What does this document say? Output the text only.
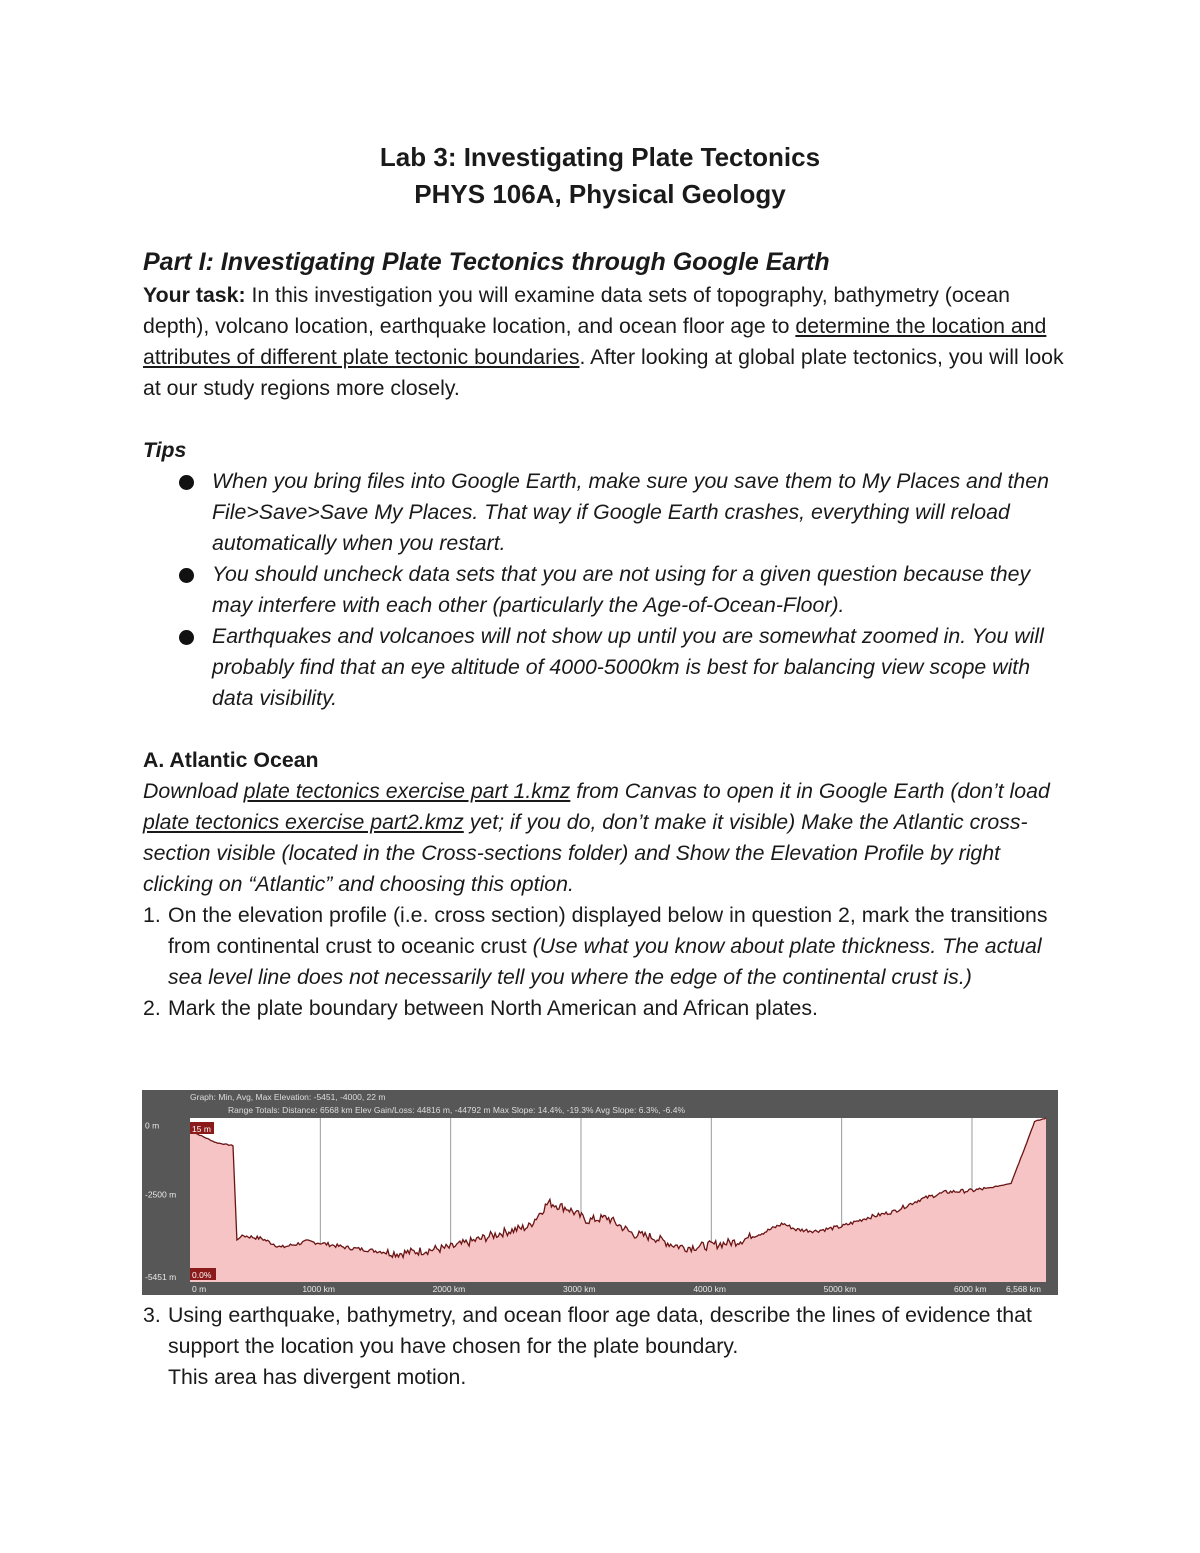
Lab 3: Investigating Plate Tectonics
PHYS 106A, Physical Geology

Part I: Investigating Plate Tectonics through Google Earth

Your task: In this investigation you will examine data sets of topography, bathymetry (ocean depth), volcano location, earthquake location, and ocean floor age to determine the location and attributes of different plate tectonic boundaries. After looking at global plate tectonics, you will look at our study regions more closely.

Tips

When you bring files into Google Earth, make sure you save them to My Places and then File>Save>Save My Places. That way if Google Earth crashes, everything will reload automatically when you restart.
You should uncheck data sets that you are not using for a given question because they may interfere with each other (particularly the Age-of-Ocean-Floor).
Earthquakes and volcanoes will not show up until you are somewhat zoomed in. You will probably find that an eye altitude of 4000-5000km is best for balancing view scope with data visibility.

A. Atlantic Ocean

Download plate tectonics exercise part 1.kmz from Canvas to open it in Google Earth (don’t load plate tectonics exercise part2.kmz yet; if you do, don’t make it visible) Make the Atlantic cross-section visible (located in the Cross-sections folder) and Show the Elevation Profile by right clicking on “Atlantic” and choosing this option.

1. On the elevation profile (i.e. cross section) displayed below in question 2, mark the transitions from continental crust to oceanic crust (Use what you know about plate thickness. The actual sea level line does not necessarily tell you where the edge of the continental crust is.)
2. Mark the plate boundary between North American and African plates.
Graph: Min, Avg, Max Elevation: -5451, -4000, 22 m
Range Totals: Distance: 6568 km Elev Gain/Loss: 44816 m, -44792 m Max Slope: 14.4%, -19.3% Avg Slope: 6.3%, -6.4%
0 m
-2500 m
-5451 m
0 m	1000 km	2000 km	3000 km	4000 km	5000 km	6000 km 6,568 km
15 m
0.0%
3. Using earthquake, bathymetry, and ocean floor age data, describe the lines of evidence that support the location you have chosen for the plate boundary.

This area has divergent motion.
